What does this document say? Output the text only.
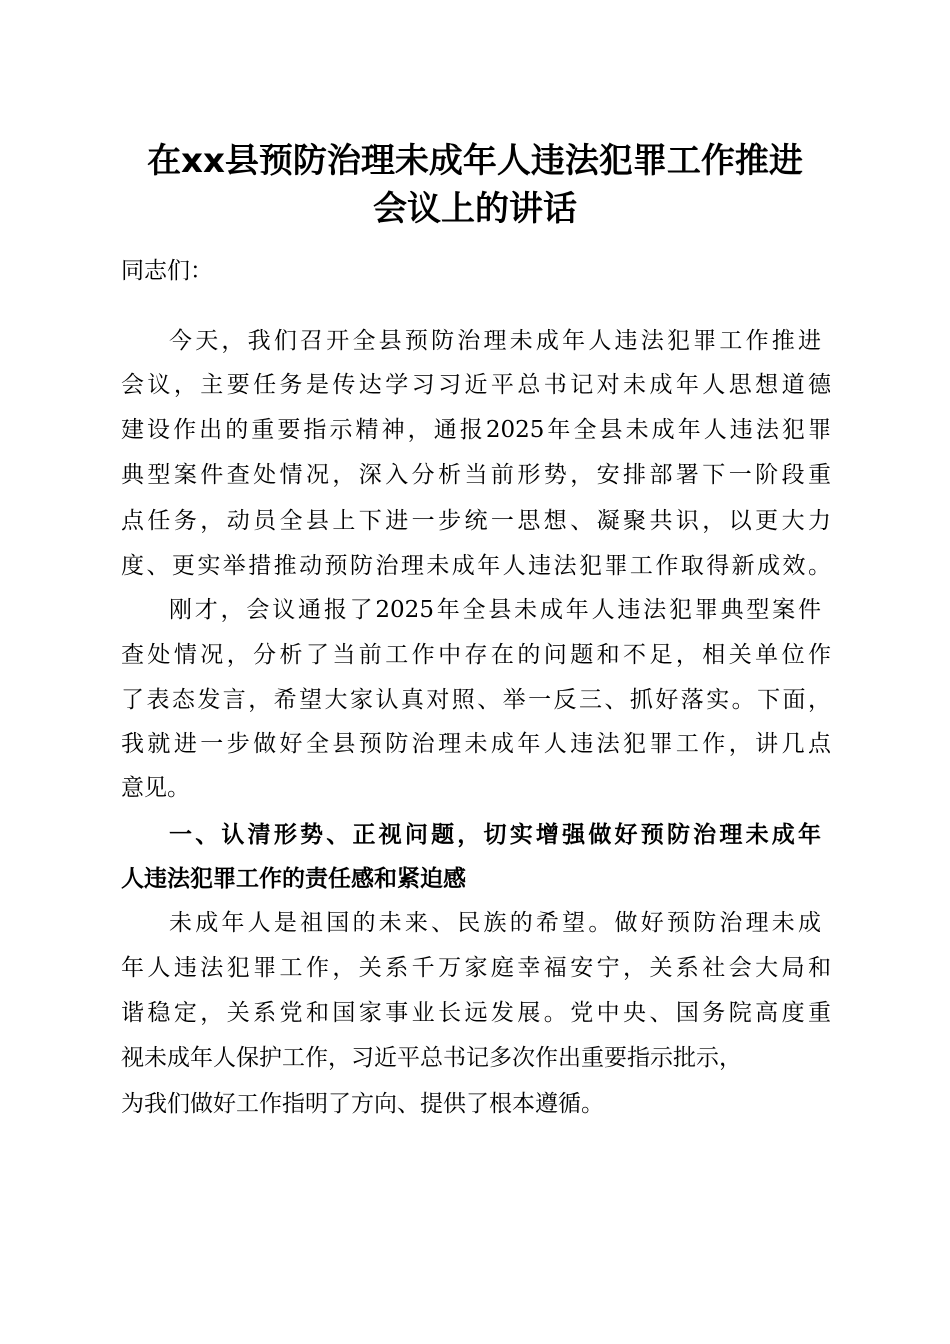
在xx县预防治理未成年人违法犯罪工作推进
会议上的讲话
同志们：
今天，我们召开全县预防治理未成年人违法犯罪工作推进
会议，主要任务是传达学习习近平总书记对未成年人思想道德
建设作出的重要指示精神，通报2025年全县未成年人违法犯罪
典型案件查处情况，深入分析当前形势，安排部署下一阶段重
点任务，动员全县上下进一步统一思想、凝聚共识，以更大力
度、更实举措推动预防治理未成年人违法犯罪工作取得新成效。
刚才，会议通报了2025年全县未成年人违法犯罪典型案件
查处情况，分析了当前工作中存在的问题和不足，相关单位作
了表态发言，希望大家认真对照、举一反三、抓好落实。下面，
我就进一步做好全县预防治理未成年人违法犯罪工作，讲几点
意见。
一、认清形势、正视问题，切实增强做好预防治理未成年
人违法犯罪工作的责任感和紧迫感
未成年人是祖国的未来、民族的希望。做好预防治理未成
年人违法犯罪工作，关系千万家庭幸福安宁，关系社会大局和
谐稳定，关系党和国家事业长远发展。党中央、国务院高度重
视未成年人保护工作，习近平总书记多次作出重要指示批示，
为我们做好工作指明了方向、提供了根本遵循。
